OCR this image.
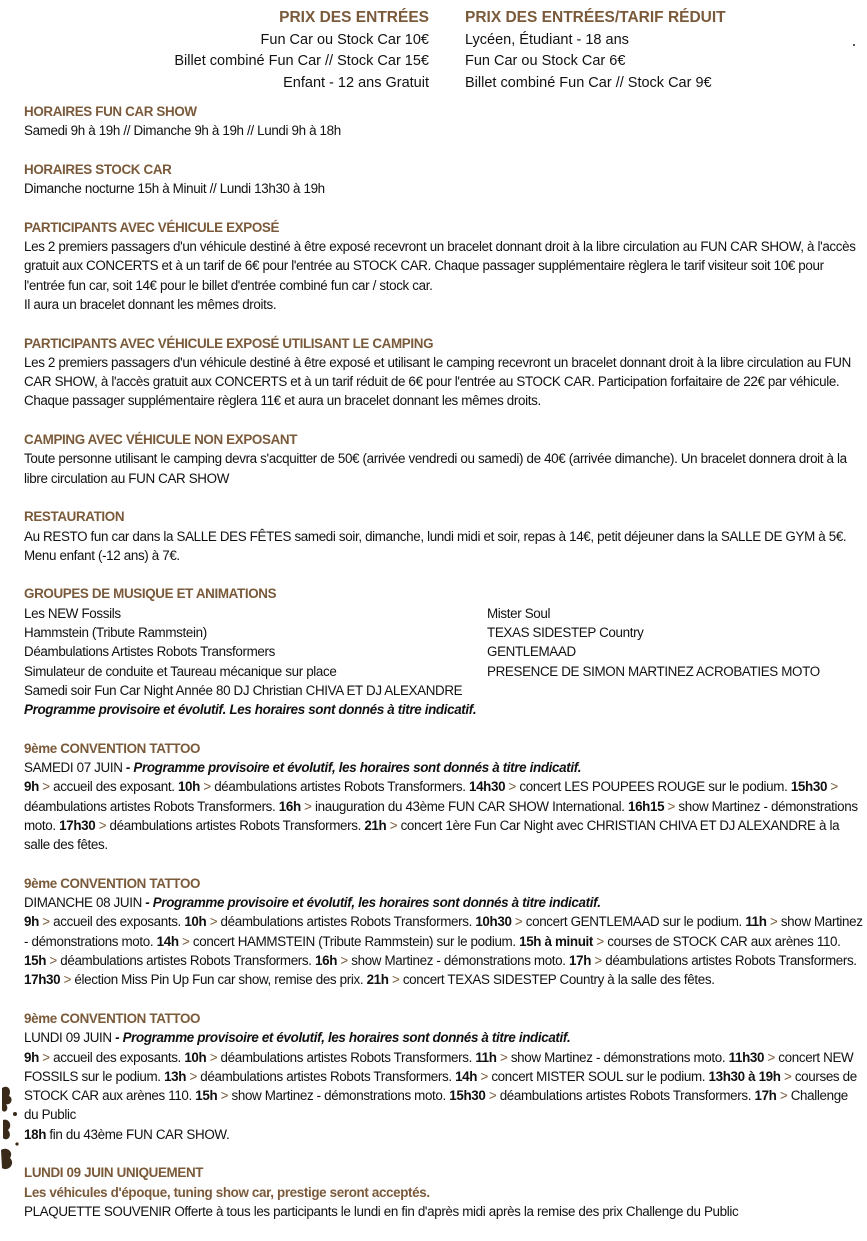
PRIX DES ENTRÉES
Fun Car ou Stock Car 10€
Billet combiné Fun Car // Stock Car 15€
Enfant - 12 ans Gratuit
PRIX DES ENTRÉES/TARIF RÉDUIT
Lycéen, Étudiant - 18 ans
Fun Car ou Stock Car 6€
Billet combiné Fun Car // Stock Car 9€
HORAIRES FUN CAR SHOW
Samedi 9h à 19h // Dimanche 9h à 19h // Lundi 9h à 18h
HORAIRES STOCK CAR
Dimanche nocturne 15h à Minuit // Lundi 13h30 à 19h
PARTICIPANTS AVEC VÉHICULE EXPOSÉ
Les 2 premiers passagers d'un véhicule destiné à être exposé recevront un bracelet donnant droit à la libre circulation au FUN CAR SHOW, à l'accès gratuit aux CONCERTS et à un tarif de 6€ pour l'entrée au STOCK CAR. Chaque passager supplémentaire règlera le tarif visiteur soit 10€ pour l'entrée fun car, soit 14€ pour le billet d'entrée combiné fun car / stock car.
Il aura un bracelet donnant les mêmes droits.
PARTICIPANTS AVEC VÉHICULE EXPOSÉ UTILISANT LE CAMPING
Les 2 premiers passagers d'un véhicule destiné à être exposé et utilisant le camping recevront un bracelet donnant droit à la libre circulation au FUN CAR SHOW, à l'accès gratuit aux CONCERTS et à un tarif réduit de 6€ pour l'entrée au STOCK CAR. Participation forfaitaire de 22€ par véhicule. Chaque passager supplémentaire règlera 11€ et aura un bracelet donnant les mêmes droits.
CAMPING AVEC VÉHICULE NON EXPOSANT
Toute personne utilisant le camping devra s'acquitter de 50€ (arrivée vendredi ou samedi) de 40€ (arrivée dimanche). Un bracelet donnera droit à la libre circulation au FUN CAR SHOW
RESTAURATION
Au RESTO fun car dans la SALLE DES FÊTES samedi soir, dimanche, lundi midi et soir, repas à 14€, petit déjeuner dans la SALLE DE GYM à 5€. Menu enfant (-12 ans) à 7€.
GROUPES DE MUSIQUE ET ANIMATIONS
Les NEW Fossils	Mister Soul
Hammstein (Tribute Rammstein)	TEXAS SIDESTEP Country
Déambulations Artistes Robots Transformers	GENTLEMAAD
Simulateur de conduite et Taureau mécanique sur place	PRESENCE DE SIMON MARTINEZ ACROBATIES MOTO
Samedi soir Fun Car Night Année 80 DJ Christian CHIVA ET DJ ALEXANDRE
Programme provisoire et évolutif. Les horaires sont donnés à titre indicatif.
9ème CONVENTION TATTOO
SAMEDI 07 JUIN - Programme provisoire et évolutif, les horaires sont donnés à titre indicatif.
9h > accueil des exposant. 10h > déambulations artistes Robots Transformers. 14h30 > concert LES POUPEES ROUGE sur le podium. 15h30 > déambulations artistes Robots Transformers. 16h > inauguration du 43ème FUN CAR SHOW International. 16h15 > show Martinez - démonstrations moto. 17h30 > déambulations artistes Robots Transformers. 21h > concert 1ère Fun Car Night avec CHRISTIAN CHIVA ET DJ ALEXANDRE à la salle des fêtes.
9ème CONVENTION TATTOO
DIMANCHE 08 JUIN - Programme provisoire et évolutif, les horaires sont donnés à titre indicatif.
9h > accueil des exposants. 10h > déambulations artistes Robots Transformers. 10h30 > concert GENTLEMAAD sur le podium. 11h > show Martinez - démonstrations moto. 14h > concert HAMMSTEIN (Tribute Rammstein) sur le podium. 15h à minuit > courses de STOCK CAR aux arènes 110. 15h > déambulations artistes Robots Transformers. 16h > show Martinez - démonstrations moto. 17h > déambulations artistes Robots Transformers. 17h30 > élection Miss Pin Up Fun car show, remise des prix. 21h > concert TEXAS SIDESTEP Country à la salle des fêtes.
9ème CONVENTION TATTOO
LUNDI 09 JUIN - Programme provisoire et évolutif, les horaires sont donnés à titre indicatif.
9h > accueil des exposants. 10h > déambulations artistes Robots Transformers. 11h > show Martinez - démonstrations moto. 11h30 > concert NEW FOSSILS sur le podium. 13h > déambulations artistes Robots Transformers. 14h > concert MISTER SOUL sur le podium. 13h30 à 19h > courses de STOCK CAR aux arènes 110. 15h > show Martinez - démonstrations moto. 15h30 > déambulations artistes Robots Transformers. 17h > Challenge du Public
18h fin du 43ème FUN CAR SHOW.
LUNDI 09 JUIN UNIQUEMENT
Les véhicules d'époque, tuning show car, prestige seront acceptés.
PLAQUETTE SOUVENIR Offerte à tous les participants le lundi en fin d'après midi après la remise des prix Challenge du Public
